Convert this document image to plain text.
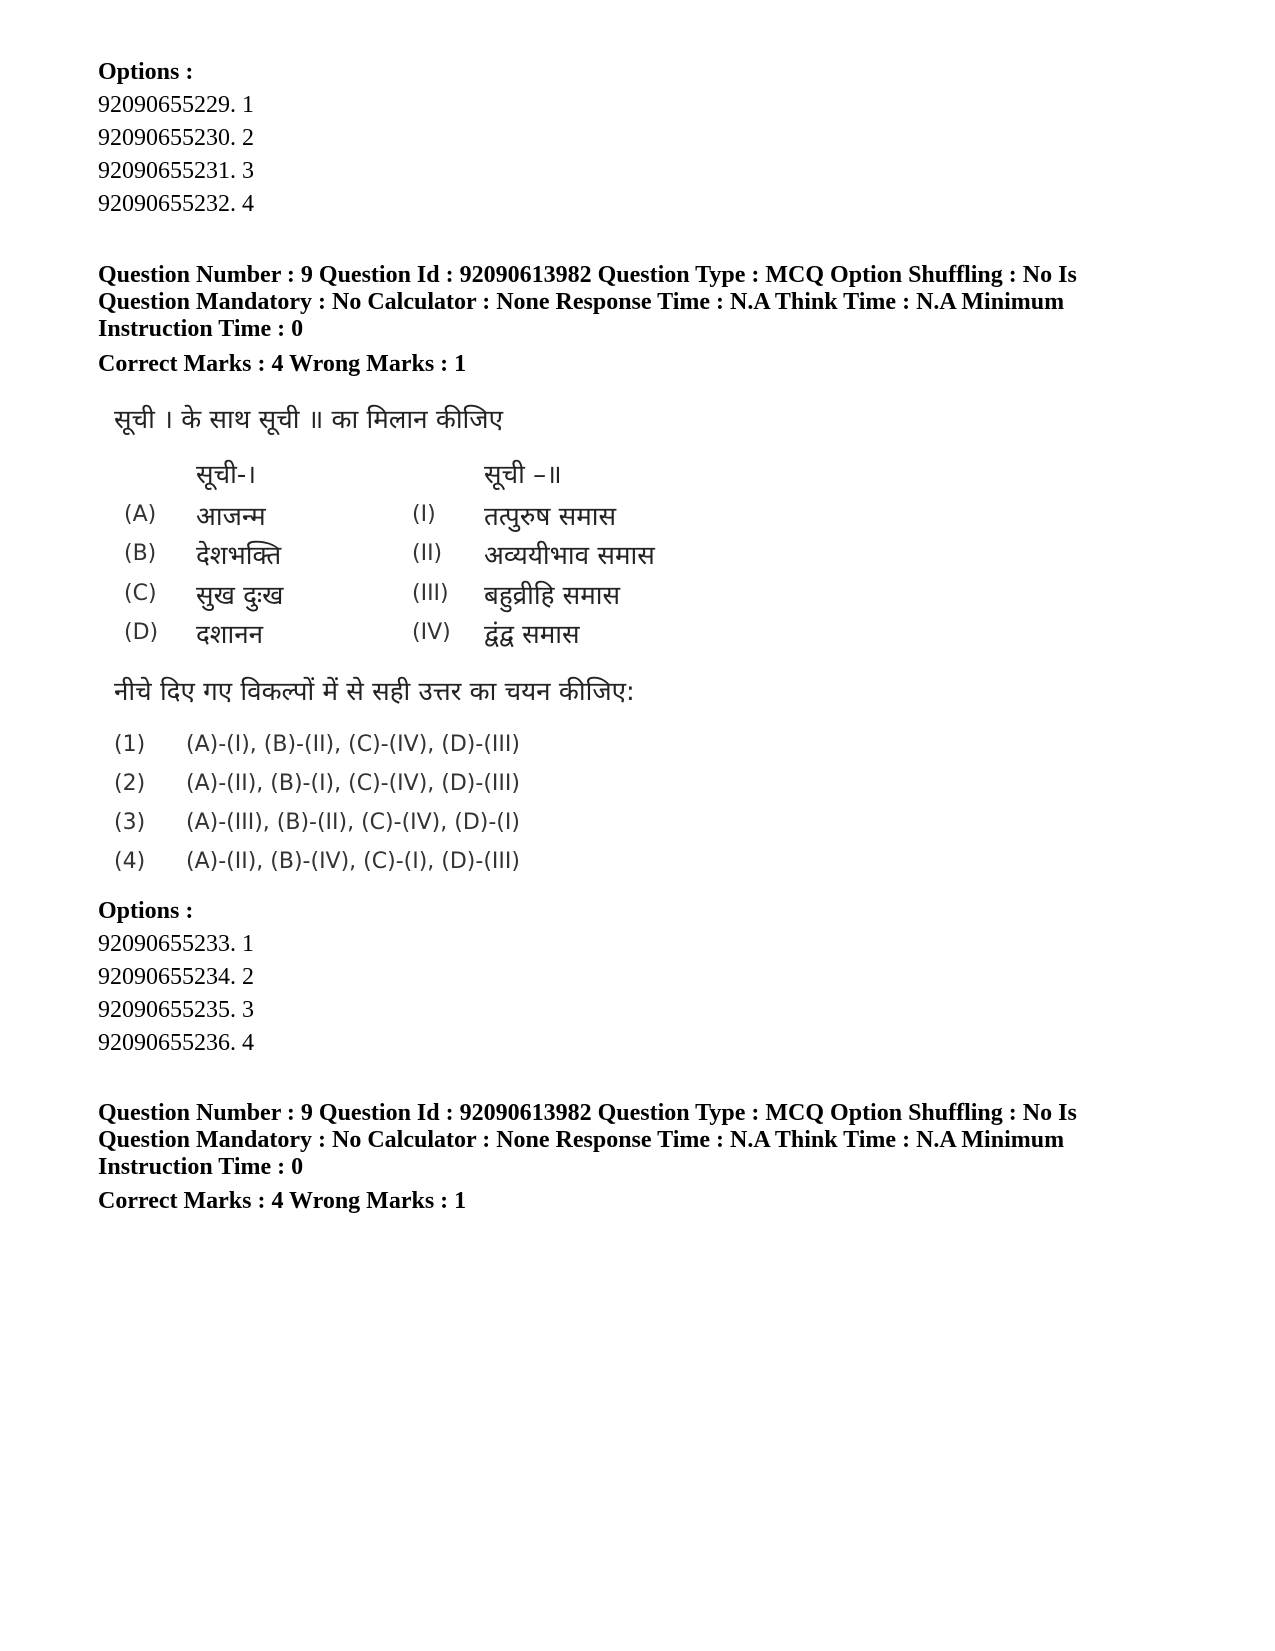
Options :
92090655229. 1
92090655230. 2
92090655231. 3
92090655232. 4
Question Number : 9 Question Id : 92090613982 Question Type : MCQ Option Shuffling : No Is
Question Mandatory : No Calculator : None Response Time : N.A Think Time : N.A Minimum
Instruction Time : 0
Correct Marks : 4 Wrong Marks : 1
सूची । के साथ सूची ॥ का मिलान कीजिए
सूची-।	सूची –॥
(A) आजन्म	(I) तत्पुरुष समास
(B) देशभक्ति	(II) अव्ययीभाव समास
(C) सुख दुःख	(III) बहुव्रीहि समास
(D) दशानन	(IV) द्वंद्व समास
नीचे दिए गए विकल्पों में से सही उत्तर का चयन कीजिए:
(1) (A)-(I), (B)-(II), (C)-(IV), (D)-(III)
(2) (A)-(II), (B)-(I), (C)-(IV), (D)-(III)
(3) (A)-(III), (B)-(II), (C)-(IV), (D)-(I)
(4) (A)-(II), (B)-(IV), (C)-(I), (D)-(III)
Options :
92090655233. 1
92090655234. 2
92090655235. 3
92090655236. 4
Question Number : 9 Question Id : 92090613982 Question Type : MCQ Option Shuffling : No Is
Question Mandatory : No Calculator : None Response Time : N.A Think Time : N.A Minimum
Instruction Time : 0
Correct Marks : 4 Wrong Marks : 1
